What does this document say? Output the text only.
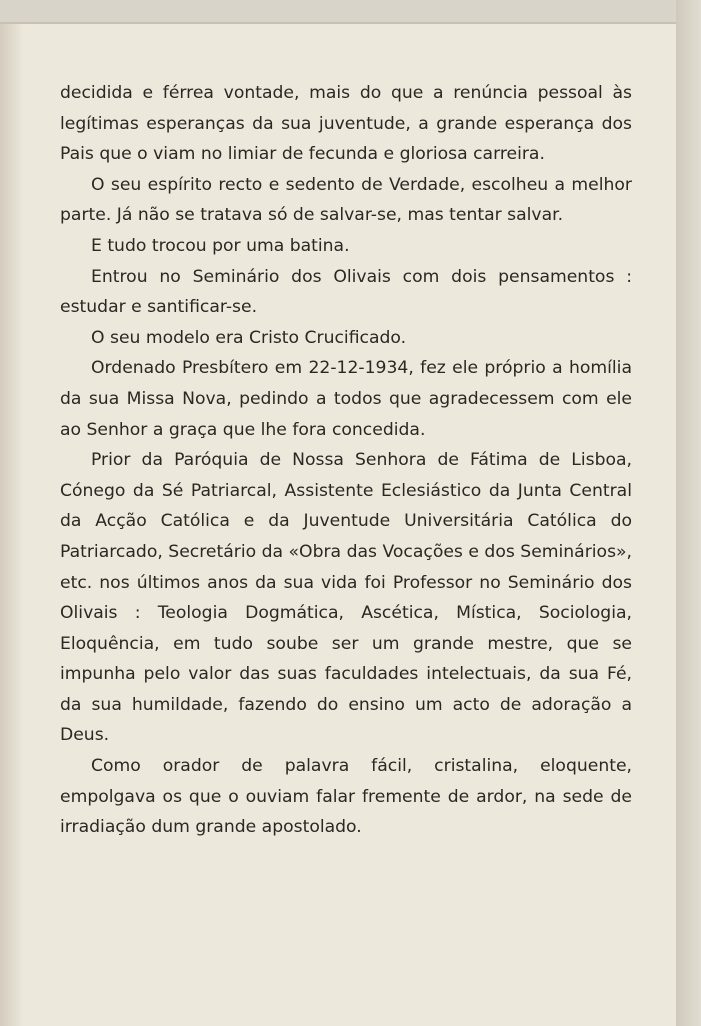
decidida e férrea vontade, mais do que a renúncia pessoal às legítimas esperanças da sua juventude, a grande esperança dos Pais que o viam no limiar de fecunda e gloriosa carreira.

O seu espírito recto e sedento de Verdade, escolheu a melhor parte. Já não se tratava só de salvar-se, mas tentar salvar.

E tudo trocou por uma batina.

Entrou no Seminário dos Olivais com dois pensamentos : estudar e santificar-se.

O seu modelo era Cristo Crucificado.

Ordenado Presbítero em 22-12-1934, fez ele próprio a homília da sua Missa Nova, pedindo a todos que agradecessem com ele ao Senhor a graça que lhe fora concedida.

Prior da Paróquia de Nossa Senhora de Fátima de Lisboa, Cónego da Sé Patriarcal, Assistente Eclesiástico da Junta Central da Acção Católica e da Juventude Universitária Católica do Patriarcado, Secretário da «Obra das Vocações e dos Seminários», etc. nos últimos anos da sua vida foi Professor no Seminário dos Olivais : Teologia Dogmática, Ascética, Mística, Sociologia, Eloquência, em tudo soube ser um grande mestre, que se impunha pelo valor das suas faculdades intelectuais, da sua Fé, da sua humildade, fazendo do ensino um acto de adoração a Deus.

Como orador de palavra fácil, cristalina, eloquente, empolgava os que o ouviam falar fremente de ardor, na sede de irradiação dum grande apostolado.
